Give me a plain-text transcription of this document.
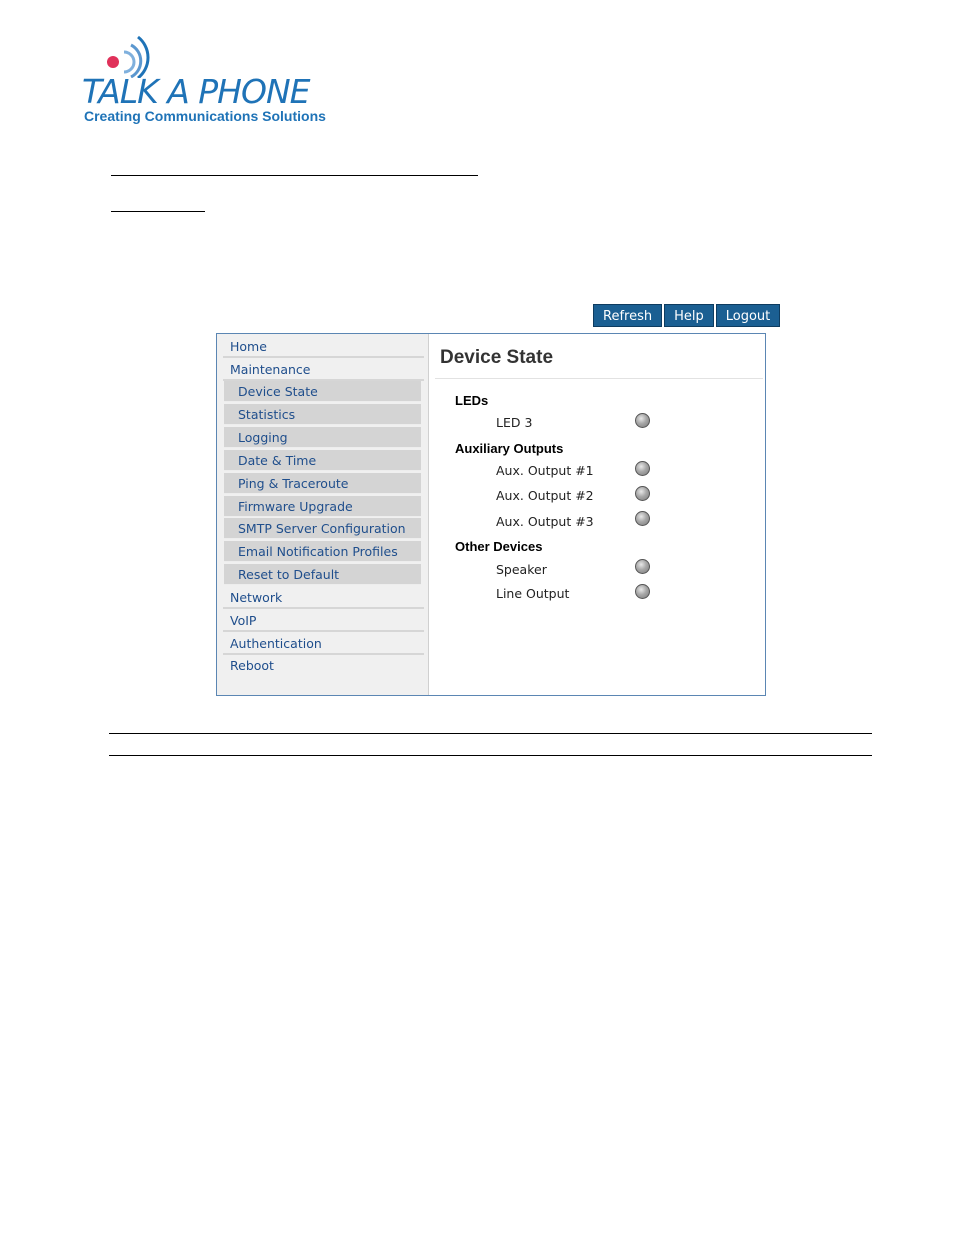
TALK A PHONE
Creating Communications Solutions
Refresh	Help	Logout
Home
Maintenance
Device State
Statistics
Logging
Date & Time
Ping & Traceroute
Firmware Upgrade
SMTP Server Configuration
Email Notification Profiles
Reset to Default
Network
VoIP
Authentication
Reboot
Device State
LEDs
LED 3
Auxiliary Outputs
Aux. Output #1
Aux. Output #2
Aux. Output #3
Other Devices
Speaker
Line Output
